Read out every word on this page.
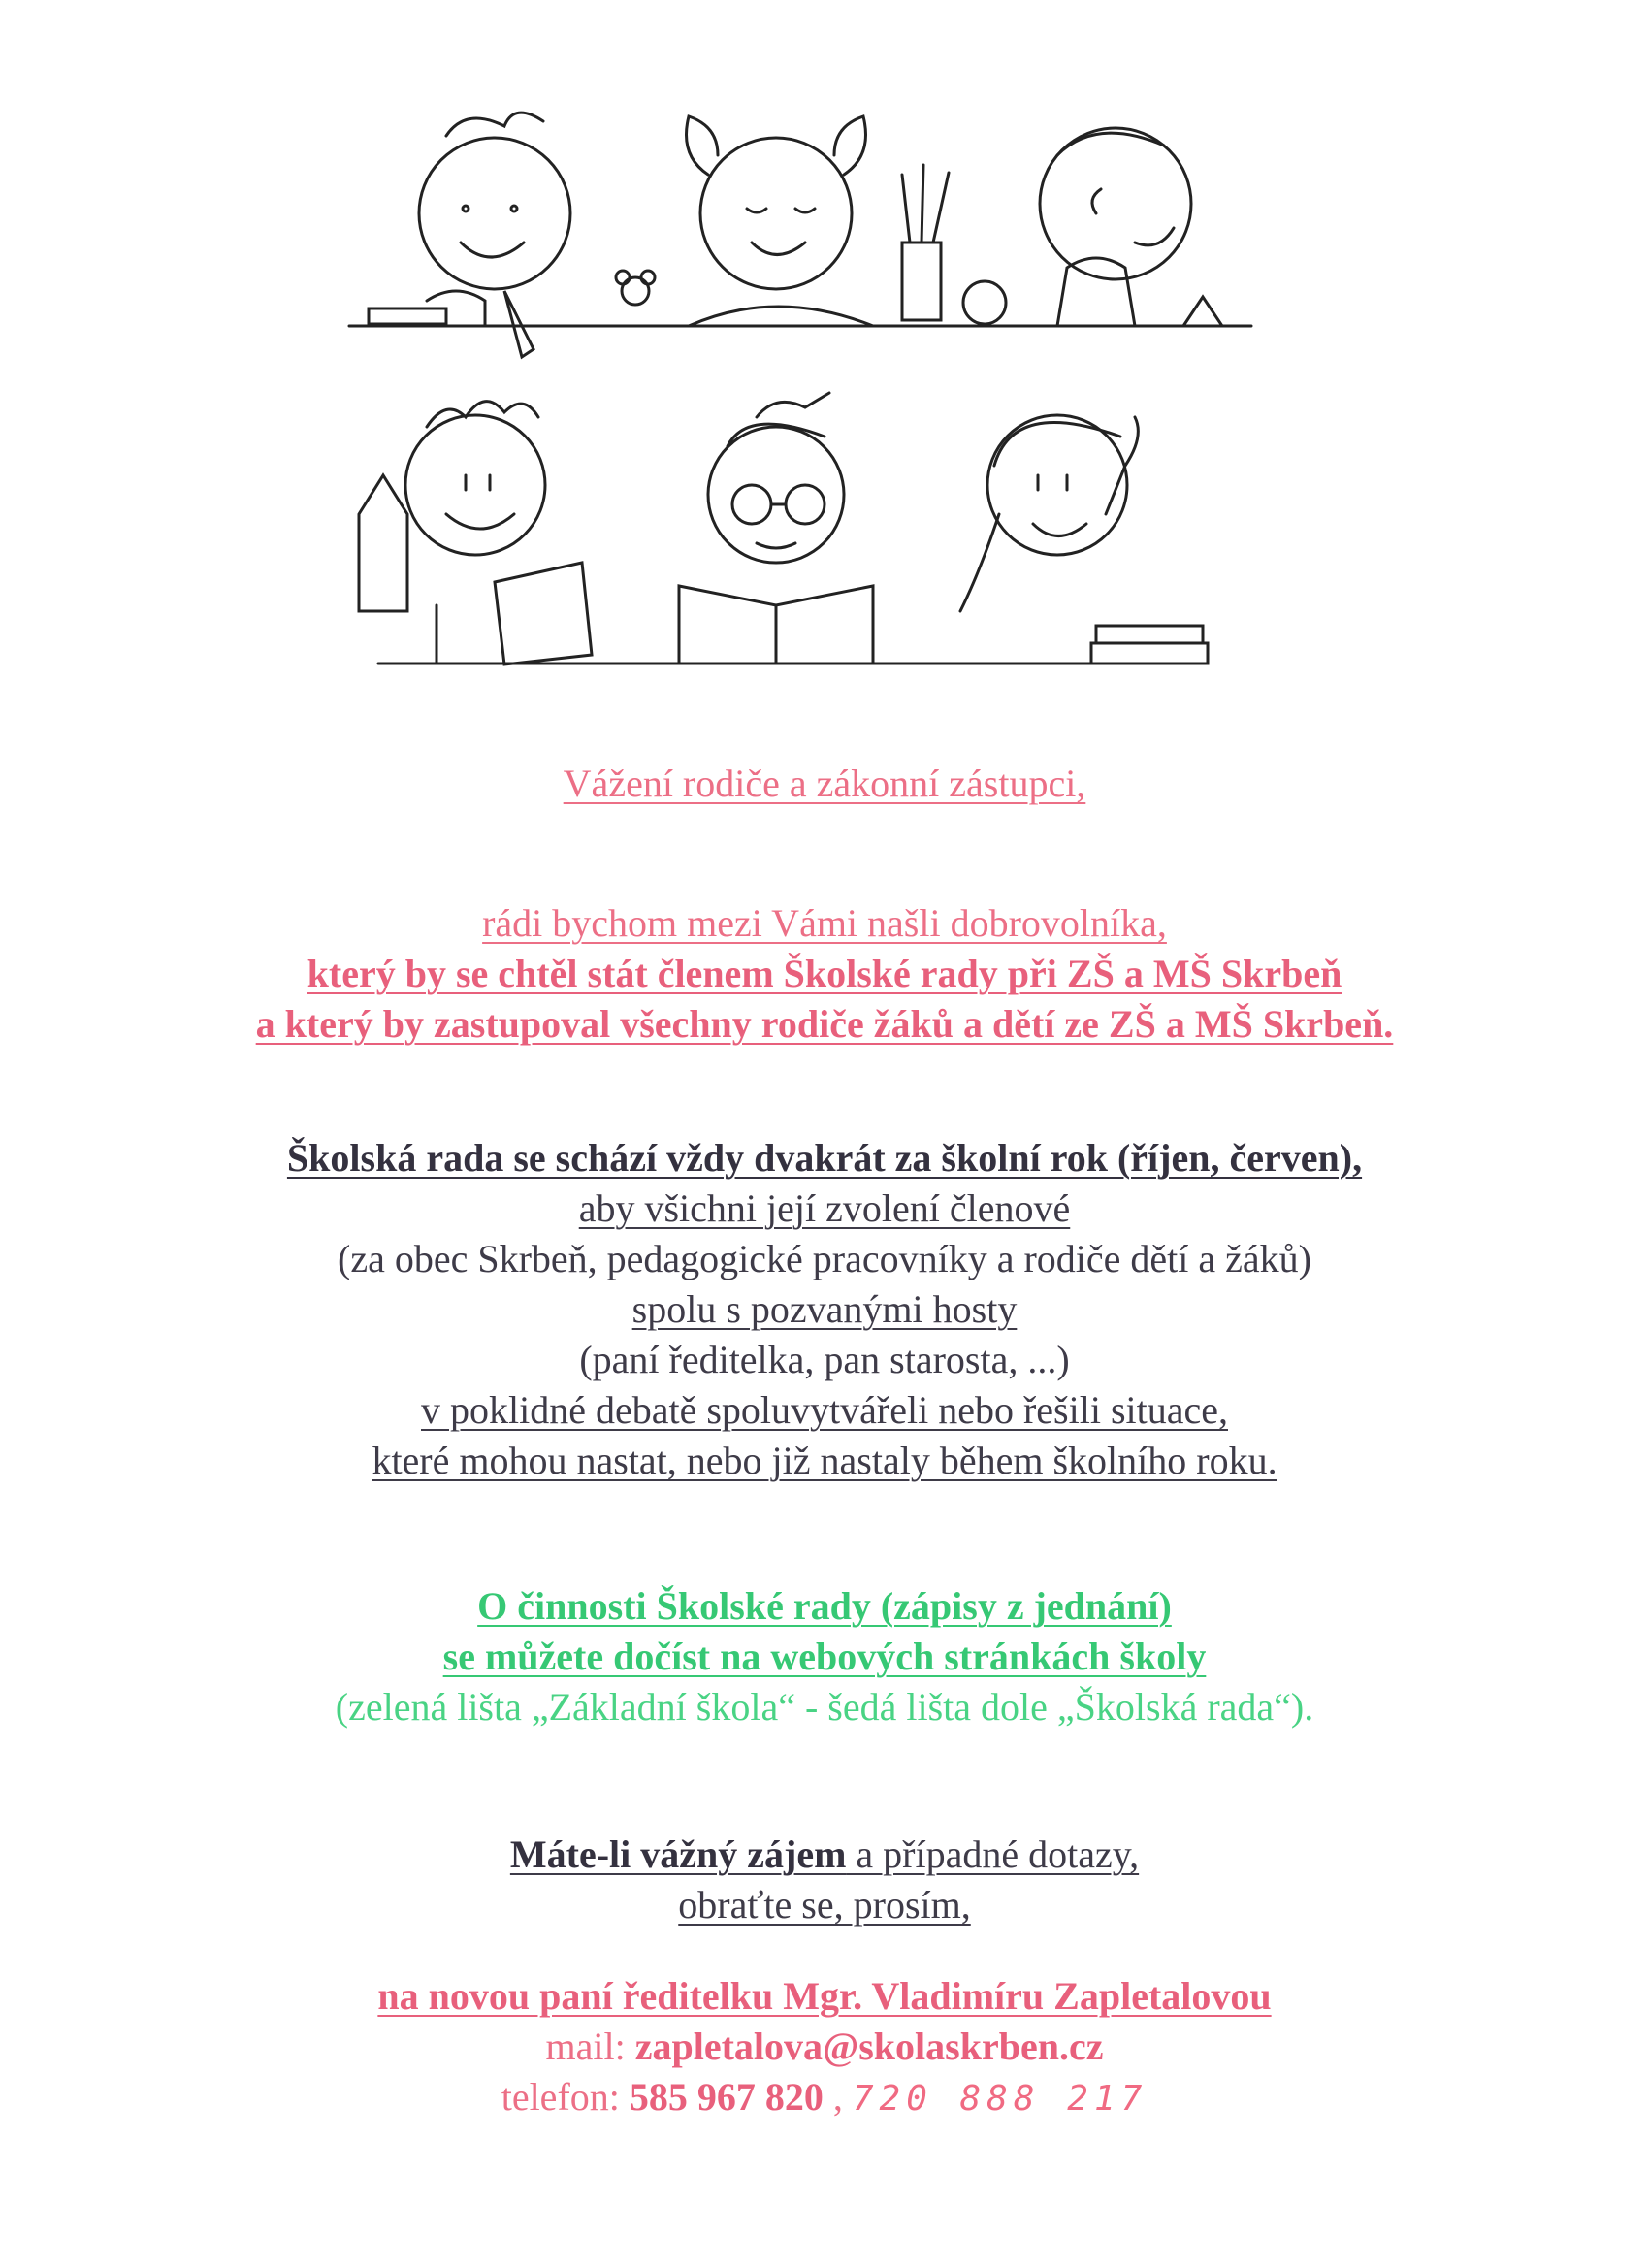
Vážení rodiče a zákonní zástupci,
rádi bychom mezi Vámi našli dobrovolníka,
který by se chtěl stát členem Školské rady při ZŠ a MŠ Skrbeň
a který by zastupoval všechny rodiče žáků a dětí ze ZŠ a MŠ Skrbeň.
Školská rada se schází vždy dvakrát za školní rok (říjen, červen),
aby všichni její zvolení členové
(za obec Skrbeň, pedagogické pracovníky a rodiče dětí a žáků)
spolu s pozvanými hosty
(paní ředitelka, pan starosta, ...)
v poklidné debatě spoluvytvářeli nebo řešili situace,
které mohou nastat, nebo již nastaly během školního roku.
O činnosti Školské rady (zápisy z jednání)
se můžete dočíst na webových stránkách školy
(zelená lišta „Základní škola“ - šedá lišta dole „Školská rada“).
Máte-li vážný zájem a případné dotazy,
obraťte se, prosím,
na novou paní ředitelku Mgr. Vladimíru Zapletalovou
mail: zapletalova@skolaskrben.cz
telefon: 585 967 820 , 720 888 217
